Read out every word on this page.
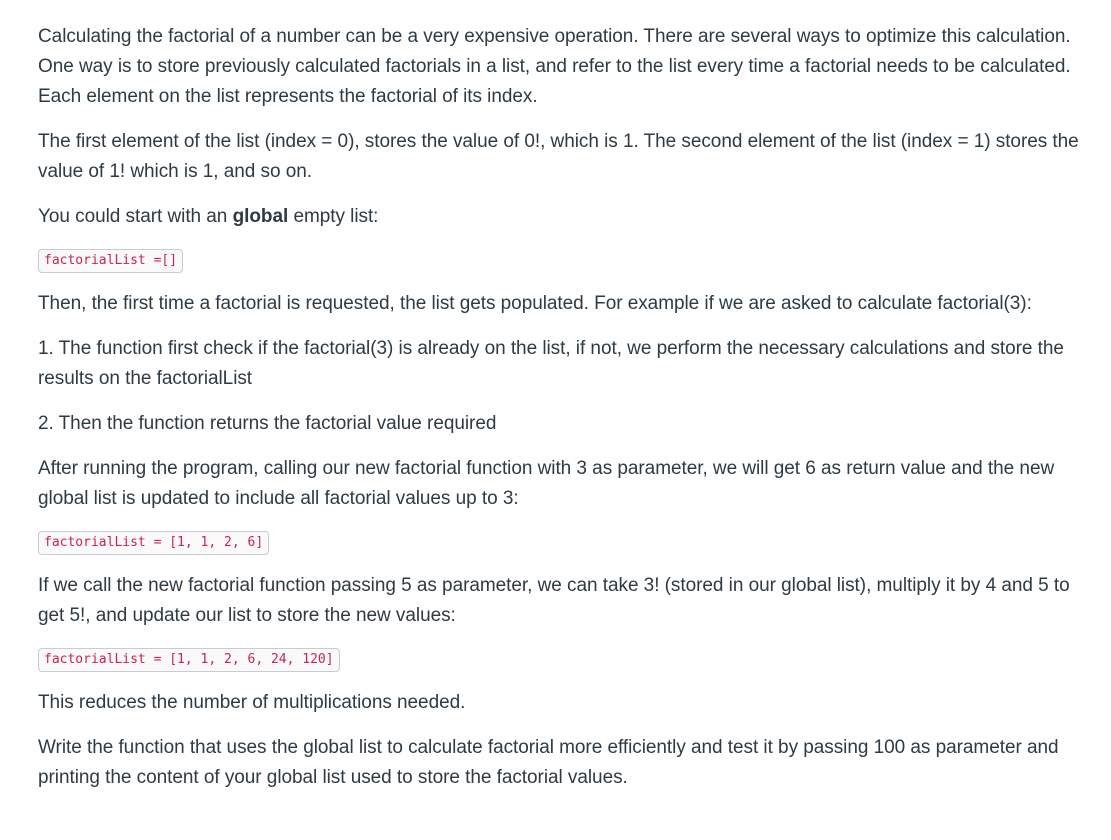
Calculating the factorial of a number can be a very expensive operation. There are several ways to optimize this calculation. One way is to store previously calculated factorials in a list, and refer to the list every time a factorial needs to be calculated. Each element on the list represents the factorial of its index.

The first element of the list (index = 0), stores the value of 0!, which is 1. The second element of the list (index = 1) stores the value of 1! which is 1, and so on.

You could start with an global empty list:

factorialList =[]

Then, the first time a factorial is requested, the list gets populated. For example if we are asked to calculate factorial(3):

1. The function first check if the factorial(3) is already on the list, if not, we perform the necessary calculations and store the results on the factorialList

2. Then the function returns the factorial value required

After running the program, calling our new factorial function with 3 as parameter, we will get 6 as return value and the new global list is updated to include all factorial values up to 3:

factorialList = [1, 1, 2, 6]

If we call the new factorial function passing 5 as parameter, we can take 3! (stored in our global list), multiply it by 4 and 5 to get 5!, and update our list to store the new values:

factorialList = [1, 1, 2, 6, 24, 120]

This reduces the number of multiplications needed.

Write the function that uses the global list to calculate factorial more efficiently and test it by passing 100 as parameter and printing the content of your global list used to store the factorial values.
